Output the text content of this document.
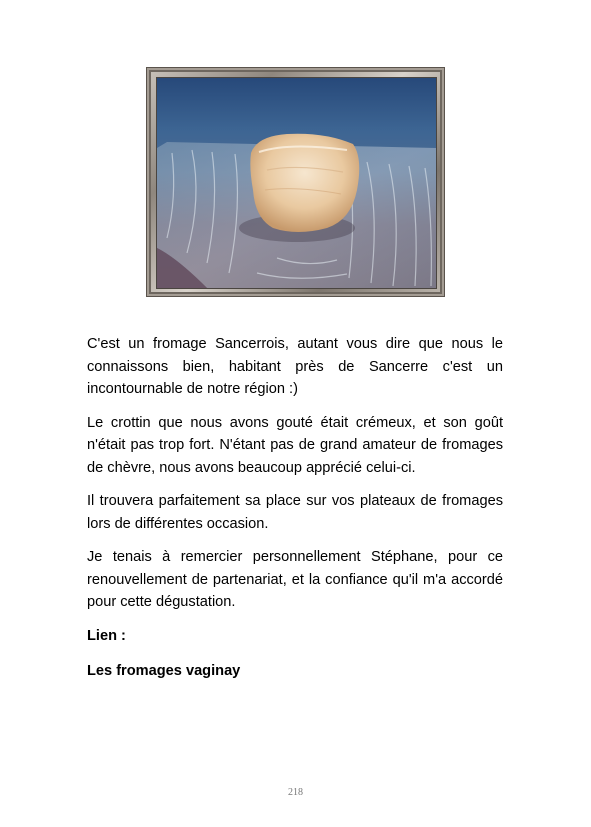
C'est un fromage Sancerrois, autant vous dire que nous le connaissons bien, habitant près de Sancerre c'est un incontournable de notre région :)

Le crottin que nous avons gouté était crémeux, et son goût n'était pas trop fort. N'étant pas de grand amateur de fromages de chèvre, nous avons beaucoup apprécié celui-ci.

Il trouvera parfaitement sa place sur vos plateaux de fromages lors de différentes occasion.

Je tenais à remercier personnellement Stéphane, pour ce renouvellement de partenariat, et la confiance qu'il m'a accordé pour cette dégustation.

Lien :

Les fromages vaginay

218
